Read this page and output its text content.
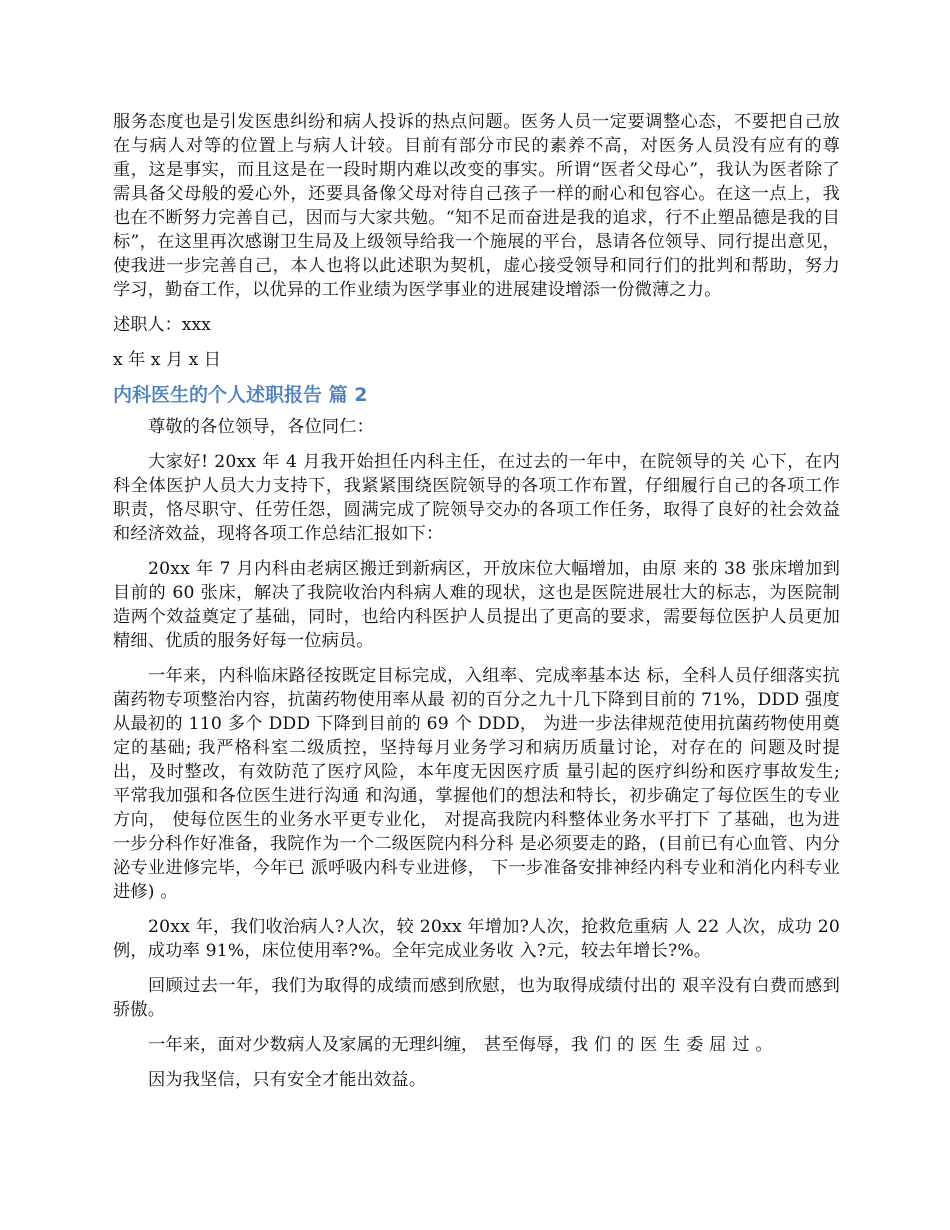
服务态度也是引发医患纠纷和病人投诉的热点问题。医务人员一定要调整心态，不要把自己放在与病人对等的位置上与病人计较。目前有部分市民的素养不高，对医务人员没有应有的尊重，这是事实，而且这是在一段时期内难以改变的事实。所谓“医者父母心”，我认为医者除了需具备父母般的爱心外，还要具备像父母对待自己孩子一样的耐心和包容心。在这一点上，我也在不断努力完善自己，因而与大家共勉。“知不足而奋进是我的追求，行不止塑品德是我的目标”，在这里再次感谢卫生局及上级领导给我一个施展的平台，恳请各位领导、同行提出意见，使我进一步完善自己，本人也将以此述职为契机，虚心接受领导和同行们的批判和帮助，努力学习，勤奋工作，以优异的工作业绩为医学事业的进展建设增添一份微薄之力。

述职人：xxx

x 年 x 月 x 日

内科医生的个人述职报告 篇 2

尊敬的各位领导，各位同仁：

大家好! 20xx 年 4 月我开始担任内科主任，在过去的一年中，在院领导的关 心下，在内科全体医护人员大力支持下，我紧紧围绕医院领导的各项工作布置，仔细履行自己的各项工作职责，恪尽职守、任劳任怨，圆满完成了院领导交办的各项工作任务，取得了良好的社会效益和经济效益，现将各项工作总结汇报如下：

20xx 年 7 月内科由老病区搬迁到新病区，开放床位大幅增加，由原 来的 38 张床增加到目前的 60 张床，解决了我院收治内科病人难的现状，这也是医院进展壮大的标志，为医院制造两个效益奠定了基础，同时，也给内科医护人员提出了更高的要求，需要每位医护人员更加 精细、优质的服务好每一位病员。

一年来，内科临床路径按既定目标完成，入组率、完成率基本达 标，全科人员仔细落实抗菌药物专项整治内容，抗菌药物使用率从最 初的百分之九十几下降到目前的 71%，DDD 强度从最初的 110 多个 DDD 下降到目前的 69 个 DDD， 为进一步法律规范使用抗菌药物使用奠定的基础; 我严格科室二级质控，坚持每月业务学习和病历质量讨论，对存在的 问题及时提出，及时整改，有效防范了医疗风险，本年度无因医疗质 量引起的医疗纠纷和医疗事故发生; 平常我加强和各位医生进行沟通 和沟通，掌握他们的想法和特长，初步确定了每位医生的专业方向， 使每位医生的业务水平更专业化， 对提高我院内科整体业务水平打下 了基础，也为进一步分科作好准备，我院作为一个二级医院内科分科 是必须要走的路，(目前已有心血管、内分泌专业进修完毕，今年已 派呼吸内科专业进修， 下一步准备安排神经内科专业和消化内科专业 进修) 。

20xx 年，我们收治病人?人次，较 20xx 年增加?人次，抢救危重病 人 22 人次，成功 20 例，成功率 91%，床位使用率?%。全年完成业务收 入?元，较去年增长?%。

回顾过去一年，我们为取得的成绩而感到欣慰，也为取得成绩付出的 艰辛没有白费而感到骄傲。

一年来，面对少数病人及家属的无理纠缠， 甚至侮辱，我 们 的 医 生 委 屈 过 。

因为我坚信，只有安全才能出效益。
